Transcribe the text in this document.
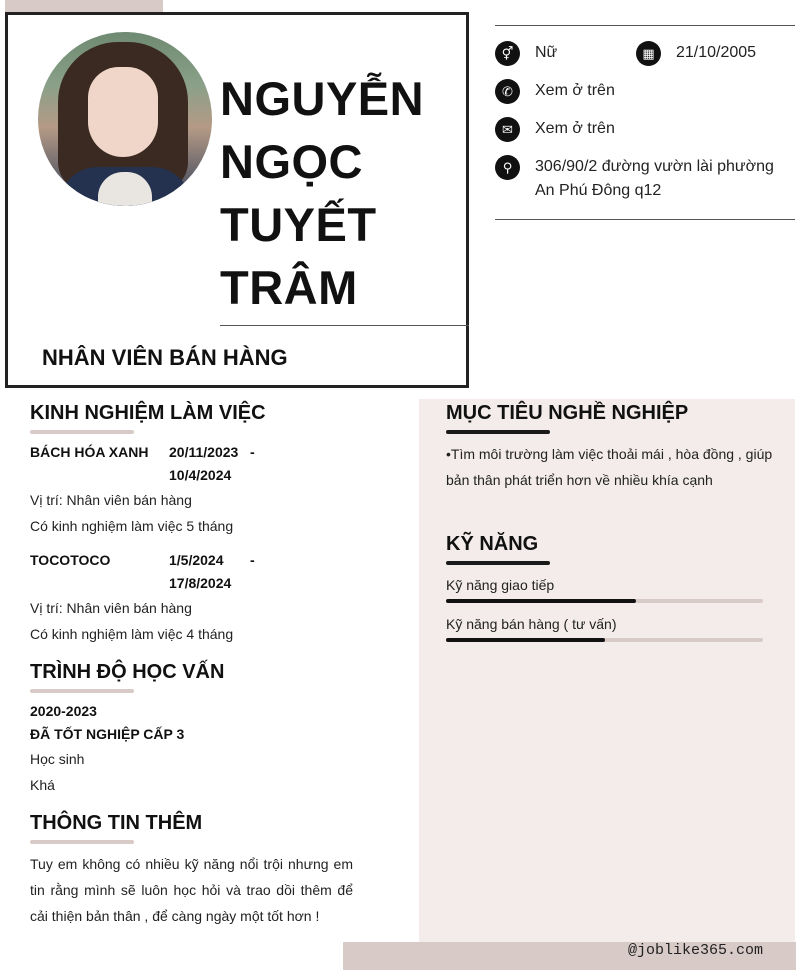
NGUYỄN
NGỌC
TUYẾT
TRÂM
NHÂN VIÊN BÁN HÀNG
⚥	Nữ	▦	21/10/2005
✆	Xem ở trên
✉	Xem ở trên
⚲	306/90/2 đường vườn lài phường
An Phú Đông q12
@joblike365.com
KINH NGHIỆM LÀM VIỆC
BÁCH HÓA XANH 20/11/2023 -
10/4/2024
Vị trí: Nhân viên bán hàng
Có kinh nghiệm làm việc 5 tháng
TOCOTOCO	1/5/2024 -
17/8/2024
Vị trí: Nhân viên bán hàng
Có kinh nghiệm làm việc 4 tháng
TRÌNH ĐỘ HỌC VẤN
2020-2023
ĐÃ TỐT NGHIỆP CẤP 3
Học sinh
Khá
THÔNG TIN THÊM
Tuy em không có nhiều kỹ năng nổi trội nhưng em tin rằng mình sẽ luôn học hỏi và trao dồi thêm để cải thiện bản thân , để càng ngày một tốt hơn !
MỤC TIÊU NGHỀ NGHIỆP
•Tìm môi trường làm việc thoải mái , hòa đồng , giúp bản thân phát triển hơn về nhiều khía cạnh
KỸ NĂNG
Kỹ năng giao tiếp
Kỹ năng bán hàng ( tư vấn)
